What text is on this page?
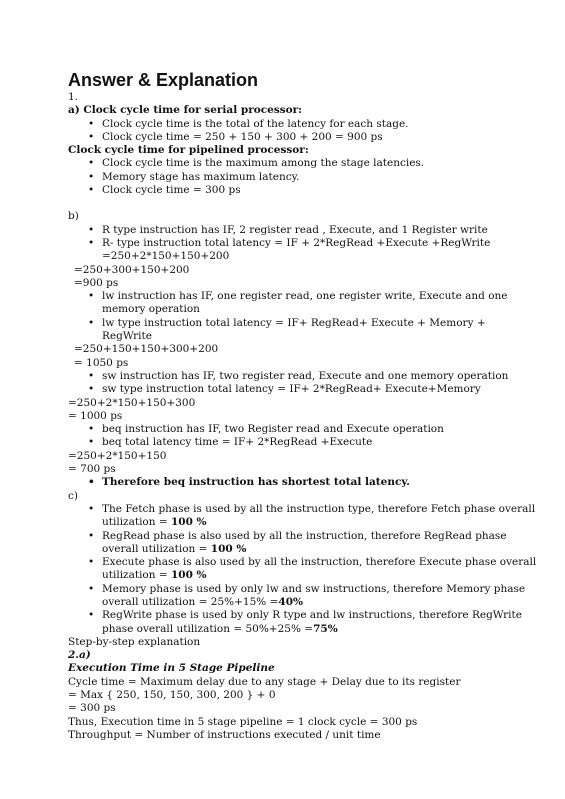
Answer & Explanation
1.
a) Clock cycle time for serial processor:
• Clock cycle time is the total of the latency for each stage.
• Clock cycle time = 250 + 150 + 300 + 200 = 900 ps
Clock cycle time for pipelined processor:
• Clock cycle time is the maximum among the stage latencies.
• Memory stage has maximum latency.
• Clock cycle time = 300 ps
b)
• R type instruction has IF, 2 register read , Execute, and 1 Register write
• R- type instruction total latency = IF + 2*RegRead +Execute +RegWrite =250+2*150+150+200
=250+300+150+200
=900 ps
• lw instruction has IF, one register read, one register write, Execute and one memory operation
• lw type instruction total latency = IF+ RegRead+ Execute + Memory + RegWrite
=250+150+150+300+200
= 1050 ps
• sw instruction has IF, two register read, Execute and one memory operation
• sw type instruction total latency = IF+ 2*RegRead+ Execute+Memory
=250+2*150+150+300
= 1000 ps
• beq instruction has IF, two Register read and Execute operation
• beq total latency time = IF+ 2*RegRead +Execute
=250+2*150+150
= 700 ps
• Therefore beq instruction has shortest total latency.
c)
• The Fetch phase is used by all the instruction type, therefore Fetch phase overall utilization = 100 %
• RegRead phase is also used by all the instruction, therefore RegRead phase overall utilization = 100 %
• Execute phase is also used by all the instruction, therefore Execute phase overall utilization = 100 %
• Memory phase is used by only lw and sw instructions, therefore Memory phase overall utilization = 25%+15% =40%
• RegWrite phase is used by only R type and lw instructions, therefore RegWrite phase overall utilization = 50%+25% =75%
Step-by-step explanation
2.a)
Execution Time in 5 Stage Pipeline
Cycle time = Maximum delay due to any stage + Delay due to its register
= Max { 250, 150, 150, 300, 200 } + 0
= 300 ps
Thus, Execution time in 5 stage pipeline = 1 clock cycle = 300 ps
Throughput = Number of instructions executed / unit time
